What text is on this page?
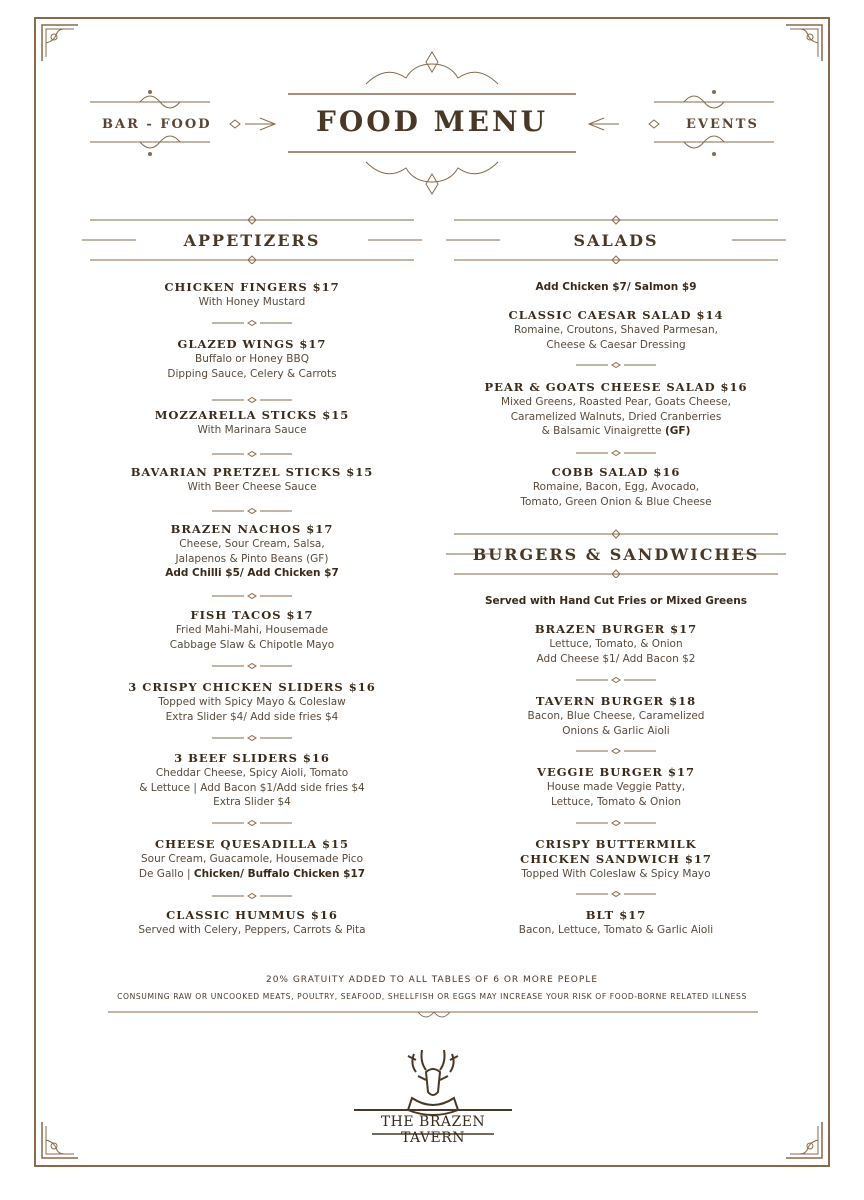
BAR - FOOD	FOOD MENU	EVENTS
APPETIZERS	SALADS
BURGERS & SANDWICHES
CHICKEN FINGERS $17
With Honey Mustard
GLAZED WINGS $17
Buffalo or Honey BBQ
Dipping Sauce, Celery & Carrots
MOZZARELLA STICKS $15
With Marinara Sauce
BAVARIAN PRETZEL STICKS $15
With Beer Cheese Sauce
BRAZEN NACHOS $17
Cheese, Sour Cream, Salsa,
Jalapenos & Pinto Beans (GF)
Add Chilli $5/ Add Chicken $7
FISH TACOS $17
Fried Mahi-Mahi, Housemade
Cabbage Slaw & Chipotle Mayo
3 CRISPY CHICKEN SLIDERS $16
Topped with Spicy Mayo & Coleslaw
Extra Slider $4/ Add side fries $4
3 BEEF SLIDERS $16
Cheddar Cheese, Spicy Aioli, Tomato
& Lettuce | Add Bacon $1/Add side fries $4
Extra Slider $4
CHEESE QUESADILLA $15
Sour Cream, Guacamole, Housemade Pico
De Gallo | Chicken/ Buffalo Chicken $17
CLASSIC HUMMUS $16
Served with Celery, Peppers, Carrots & Pita
Add Chicken $7/ Salmon $9
CLASSIC CAESAR SALAD $14
Romaine, Croutons, Shaved Parmesan,
Cheese & Caesar Dressing
PEAR & GOATS CHEESE SALAD $16
Mixed Greens, Roasted Pear, Goats Cheese,
Caramelized Walnuts, Dried Cranberries
& Balsamic Vinaigrette (GF)
COBB SALAD $16
Romaine, Bacon, Egg, Avocado,
Tomato, Green Onion & Blue Cheese
Served with Hand Cut Fries or Mixed Greens
BRAZEN BURGER $17
Lettuce, Tomato, & Onion
Add Cheese $1/ Add Bacon $2
TAVERN BURGER $18
Bacon, Blue Cheese, Caramelized
Onions & Garlic Aioli
VEGGIE BURGER $17
House made Veggie Patty,
Lettuce, Tomato & Onion
CRISPY BUTTERMILK
CHICKEN SANDWICH $17
Topped With Coleslaw & Spicy Mayo
BLT $17
Bacon, Lettuce, Tomato & Garlic Aioli
20% GRATUITY ADDED TO ALL TABLES OF 6 OR MORE PEOPLE
CONSUMING RAW OR UNCOOKED MEATS, POULTRY, SEAFOOD, SHELLFISH OR EGGS MAY INCREASE YOUR RISK OF FOOD-BORNE RELATED ILLNESS
THE BRAZEN TAVERN
